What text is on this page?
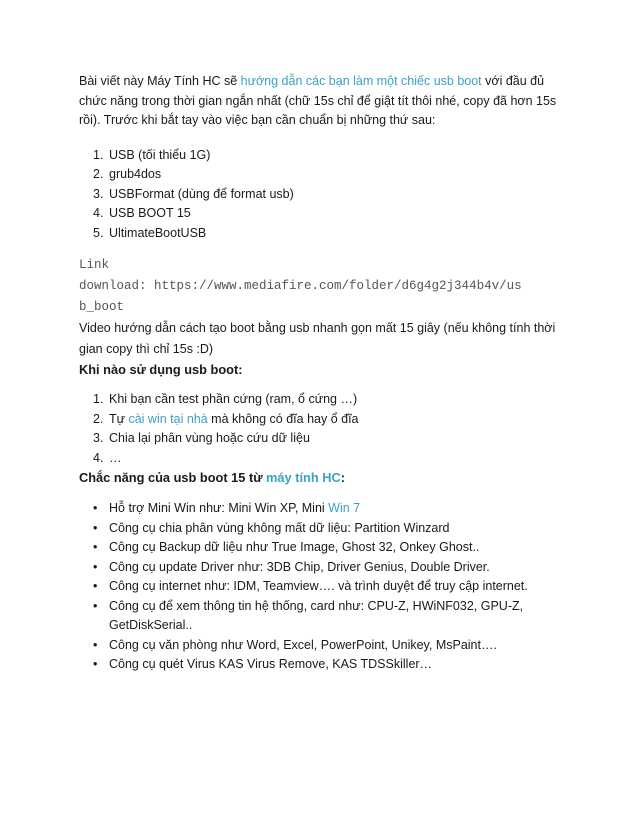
Bài viết này Máy Tính HC sẽ hướng dẫn các bạn làm một chiếc usb boot với đầu đủ chức năng trong thời gian ngắn nhất (chữ 15s chỉ để giật tít thôi nhé, copy đã hơn 15s rồi). Trước khi bắt tay vào việc bạn cần chuẩn bị những thứ sau:

1. USB (tối thiểu 1G)
2. grub4dos
3. USBFormat (dùng để format usb)
4. USB BOOT 15
5. UltimateBootUSB
Link
download: https://www.mediafire.com/folder/d6g4g2j344b4v/us
b_boot

Video hướng dẫn cách tạo boot bằng usb nhanh gọn mất 15 giây (nếu không tính thời gian copy thì chỉ 15s :D)

Khi nào sử dụng usb boot:
1. Khi bạn cần test phần cứng (ram, ổ cứng …)
2. Tự cài win tại nhà mà không có đĩa hay ổ đĩa
3. Chia lại phân vùng hoặc cứu dữ liệu
4. …
Chắc năng của usb boot 15 từ máy tính HC:
• Hỗ trợ Mini Win như: Mini Win XP, Mini Win 7
• Công cụ chia phân vùng không mất dữ liệu: Partition Winzard
• Công cụ Backup dữ liệu như True Image, Ghost 32, Onkey Ghost..
• Công cụ update Driver như: 3DB Chip, Driver Genius, Double Driver.
• Công cụ internet như: IDM, Teamview…. và trình duyệt để truy cập internet.
• Công cụ để xem thông tin hệ thống, card như: CPU-Z, HWiNF032, GPU-Z, GetDiskSerial..
• Công cụ văn phòng như Word, Excel, PowerPoint, Unikey, MsPaint….
• Công cụ quét Virus KAS Virus Remove, KAS TDSSkiller…
